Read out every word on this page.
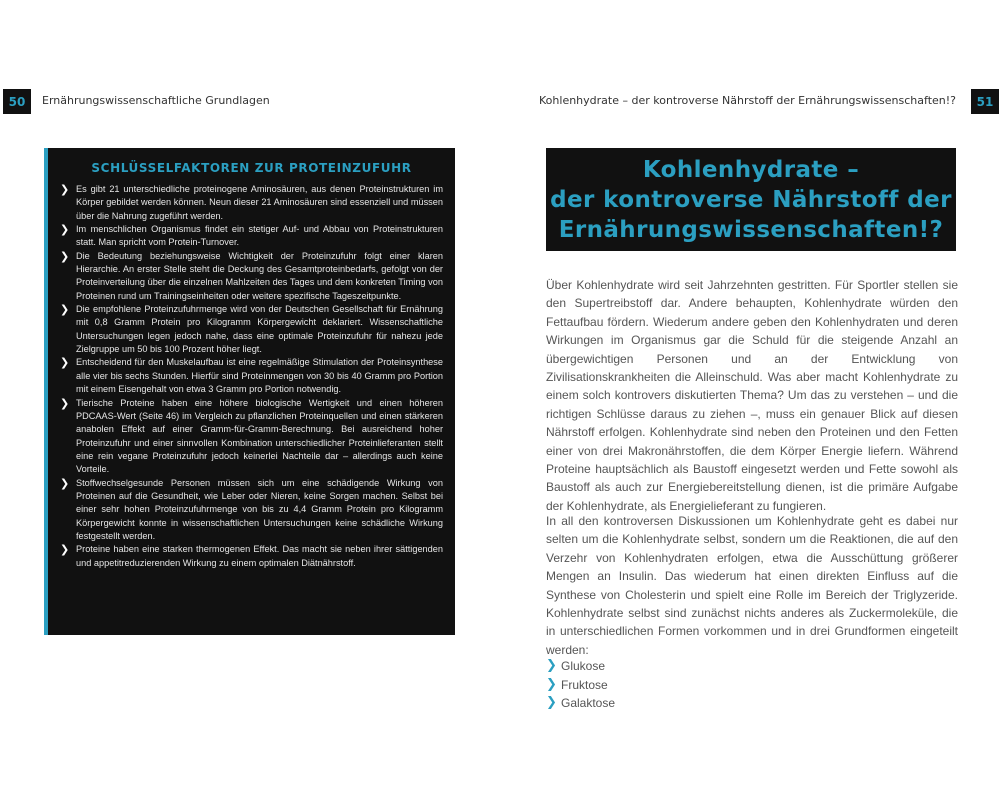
50	Ernährungswissenschaftliche Grundlagen
SCHLÜSSELFAKTOREN ZUR PROTEINZUFUHR
❯ Es gibt 21 unterschiedliche proteinogene Aminosäuren, aus denen Proteinstrukturen im Körper gebildet werden können. Neun dieser 21 Aminosäuren sind essenziell und müssen über die Nahrung zugeführt werden.
❯ Im menschlichen Organismus findet ein stetiger Auf- und Abbau von Proteinstrukturen statt. Man spricht vom Protein-Turnover.
❯ Die Bedeutung beziehungsweise Wichtigkeit der Proteinzufuhr folgt einer klaren Hierarchie. An erster Stelle steht die Deckung des Gesamtproteinbedarfs, gefolgt von der Proteinverteilung über die einzelnen Mahlzeiten des Tages und dem konkreten Timing von Proteinen rund um Trainingseinheiten oder weitere spezifische Tageszeitpunkte.
❯ Die empfohlene Proteinzufuhrmenge wird von der Deutschen Gesellschaft für Ernährung mit 0,8 Gramm Protein pro Kilogramm Körpergewicht deklariert. Wissenschaftliche Untersuchungen legen jedoch nahe, dass eine optimale Proteinzufuhr für nahezu jede Zielgruppe um 50 bis 100 Prozent höher liegt.
❯ Entscheidend für den Muskelaufbau ist eine regelmäßige Stimulation der Proteinsynthese alle vier bis sechs Stunden. Hierfür sind Proteinmengen von 30 bis 40 Gramm pro Portion mit einem Eisengehalt von etwa 3 Gramm pro Portion notwendig.
❯ Tierische Proteine haben eine höhere biologische Wertigkeit und einen höheren PDCAAS-Wert (Seite 46) im Vergleich zu pflanzlichen Proteinquellen und einen stärkeren anabolen Effekt auf einer Gramm-für-Gramm-Berechnung. Bei ausreichend hoher Proteinzufuhr und einer sinnvollen Kombination unterschiedlicher Proteinlieferanten stellt eine rein vegane Proteinzufuhr jedoch keinerlei Nachteile dar – allerdings auch keine Vorteile.
❯ Stoffwechselgesunde Personen müssen sich um eine schädigende Wirkung von Proteinen auf die Gesundheit, wie Leber oder Nieren, keine Sorgen machen. Selbst bei einer sehr hohen Proteinzufuhrmenge von bis zu 4,4 Gramm Protein pro Kilogramm Körpergewicht konnte in wissenschaftlichen Untersuchungen keine schädliche Wirkung festgestellt werden.
❯ Proteine haben eine starken thermogenen Effekt. Das macht sie neben ihrer sättigenden und appetitreduzierenden Wirkung zu einem optimalen Diätnährstoff.
Kohlenhydrate – der kontroverse Nährstoff der Ernährungswissenschaften!?	51
Kohlenhydrate –
der kontroverse Nährstoff der
Ernährungswissenschaften!?

Über Kohlenhydrate wird seit Jahrzehnten gestritten. Für Sportler stellen sie den Supertreibstoff dar. Andere behaupten, Kohlenhydrate würden den Fettaufbau fördern. Wiederum andere geben den Kohlenhydraten und deren Wirkungen im Organismus gar die Schuld für die steigende Anzahl an übergewichtigen Personen und an der Entwicklung von Zivilisationskrankheiten die Alleinschuld. Was aber macht Kohlenhydrate zu einem solch kontrovers diskutierten Thema? Um das zu verstehen – und die richtigen Schlüsse daraus zu ziehen –, muss ein genauer Blick auf diesen Nährstoff erfolgen. Kohlenhydrate sind neben den Proteinen und den Fetten einer von drei Makronährstoffen, die dem Körper Energie liefern. Während Proteine hauptsächlich als Baustoff eingesetzt werden und Fette sowohl als Baustoff als auch zur Energiebereitstellung dienen, ist die primäre Aufgabe der Kohlenhydrate, als Energielieferant zu fungieren.

In all den kontroversen Diskussionen um Kohlenhydrate geht es dabei nur selten um die Kohlenhydrate selbst, sondern um die Reaktionen, die auf den Verzehr von Kohlenhydraten erfolgen, etwa die Ausschüttung größerer Mengen an Insulin. Das wiederum hat einen direkten Einfluss auf die Synthese von Cholesterin und spielt eine Rolle im Bereich der Triglyzeride. Kohlenhydrate selbst sind zunächst nichts anderes als Zuckermoleküle, die in unterschiedlichen Formen vorkommen und in drei Grundformen eingeteilt werden:

❯ Glukose
❯ Fruktose
❯ Galaktose
